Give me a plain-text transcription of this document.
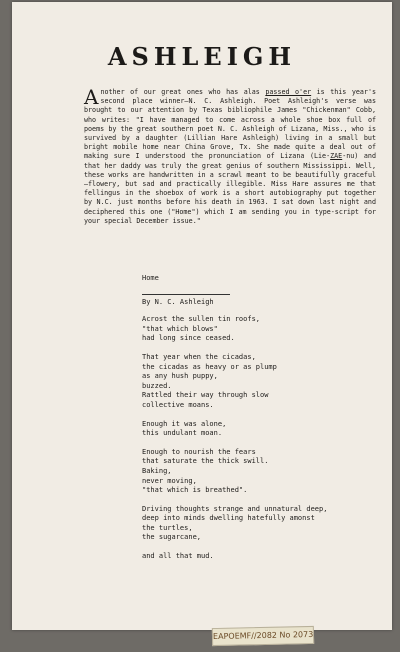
ASHLEIGH
A nother of our great ones who has alas passed o'er is this year's second place winner—N. C. Ashleigh. Poet Ashleigh's verse was brought to our attention by Texas bibliophile James "Chickenman" Cobb, who writes: "I have managed to come across a whole shoe box full of poems by the great southern poet N. C. Ashleigh of Lizana, Miss., who is survived by a daughter (Lillian Hare Ashleigh) living in a small but bright mobile home near China Grove, Tx. She made quite a deal out of making sure I understood the pronunciation of Lizana (Lie-ZAE-nu) and that her daddy was truly the great genius of southern Mississippi. Well, these works are handwritten in a scrawl meant to be beautifully graceful—flowery, but sad and practically illegible. Miss Hare assures me that fellingus in the shoebox of work is a short autobiography put together by N.C. just months before his death in 1963. I sat down last night and deciphered this one ("Home") which I am sending you in type-script for your special December issue."
Home
By N. C. Ashleigh
Acrost the sullen tin roofs,
"that which blows"
had long since ceased.
That year when the cicadas,
the cicadas as heavy or as plump
as any hush puppy,
buzzed.
Rattled their way through slow
collective moans.
Enough it was alone,
this undulant moan.
Enough to nourish the fears
that saturate the thick swill.
Baking,
never moving,
"that which is breathed".
Driving thoughts strange and unnatural deep,
deep into minds dwelling hatefully amonst
the turtles,
the sugarcane,
and all that mud.
EAPOEMF//2082 No 2073
